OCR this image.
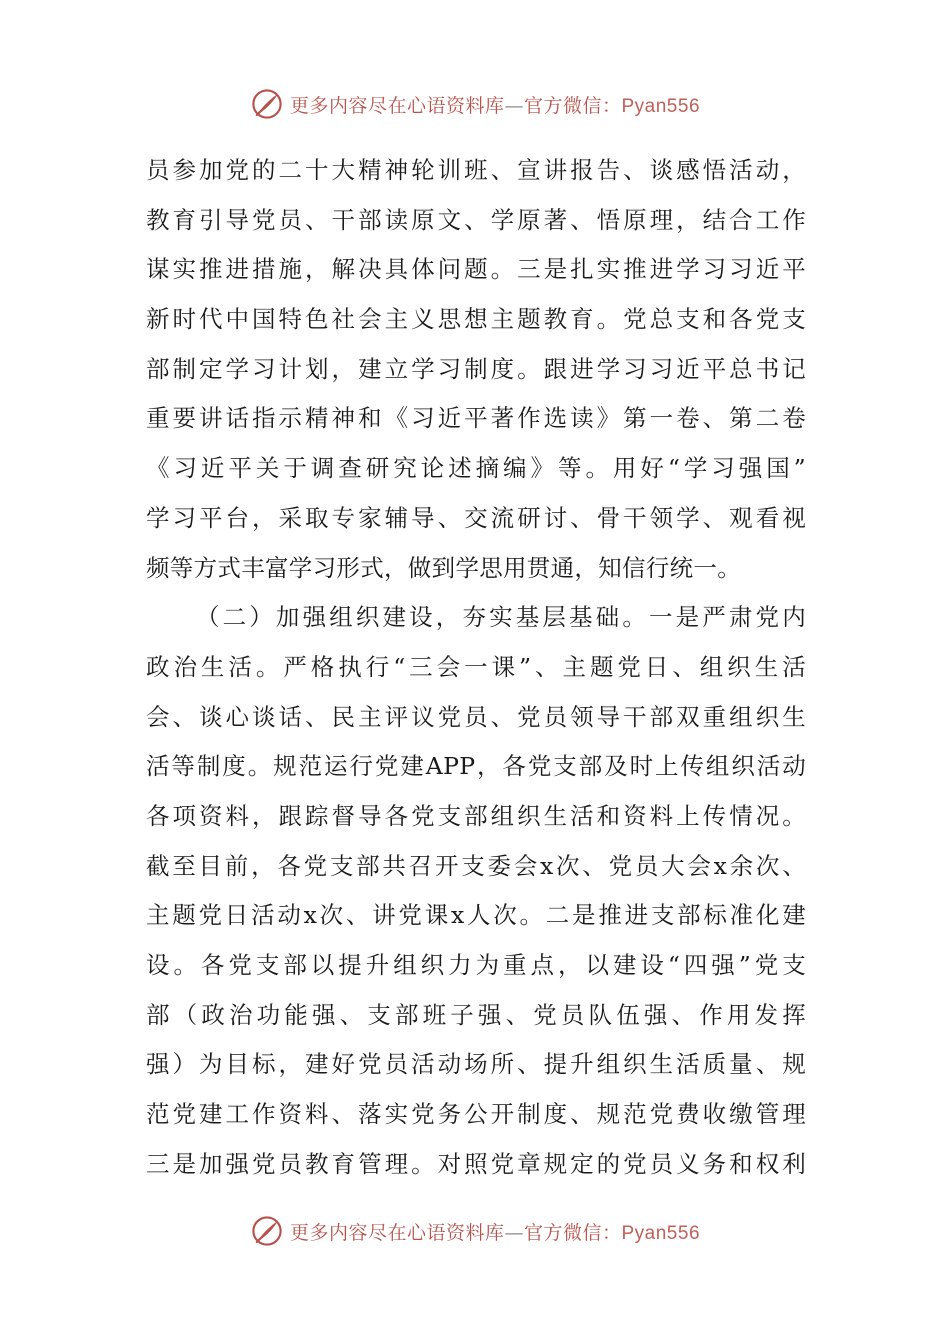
更多内容尽在心语资料库—官方微信：Pyan556
员参加党的二十大精神轮训班、宣讲报告、谈感悟活动，
教育引导党员、干部读原文、学原著、悟原理，结合工作
谋实推进措施，解决具体问题。三是扎实推进学习习近平
新时代中国特色社会主义思想主题教育。党总支和各党支
部制定学习计划，建立学习制度。跟进学习习近平总书记
重要讲话指示精神和《习近平著作选读》第一卷、第二卷
《习近平关于调查研究论述摘编》等。用好“学习强国”
学习平台，采取专家辅导、交流研讨、骨干领学、观看视
频等方式丰富学习形式，做到学思用贯通，知信行统一。
（二）加强组织建设，夯实基层基础。一是严肃党内
政治生活。严格执行“三会一课”、主题党日、组织生活
会、谈心谈话、民主评议党员、党员领导干部双重组织生
活等制度。规范运行党建APP，各党支部及时上传组织活动
各项资料，跟踪督导各党支部组织生活和资料上传情况。
截至目前，各党支部共召开支委会x次、党员大会x余次、
主题党日活动x次、讲党课x人次。二是推进支部标准化建
设。各党支部以提升组织力为重点，以建设“四强”党支
部（政治功能强、支部班子强、党员队伍强、作用发挥
强）为目标，建好党员活动场所、提升组织生活质量、规
范党建工作资料、落实党务公开制度、规范党费收缴管理
三是加强党员教育管理。对照党章规定的党员义务和权利
更多内容尽在心语资料库—官方微信：Pyan556
